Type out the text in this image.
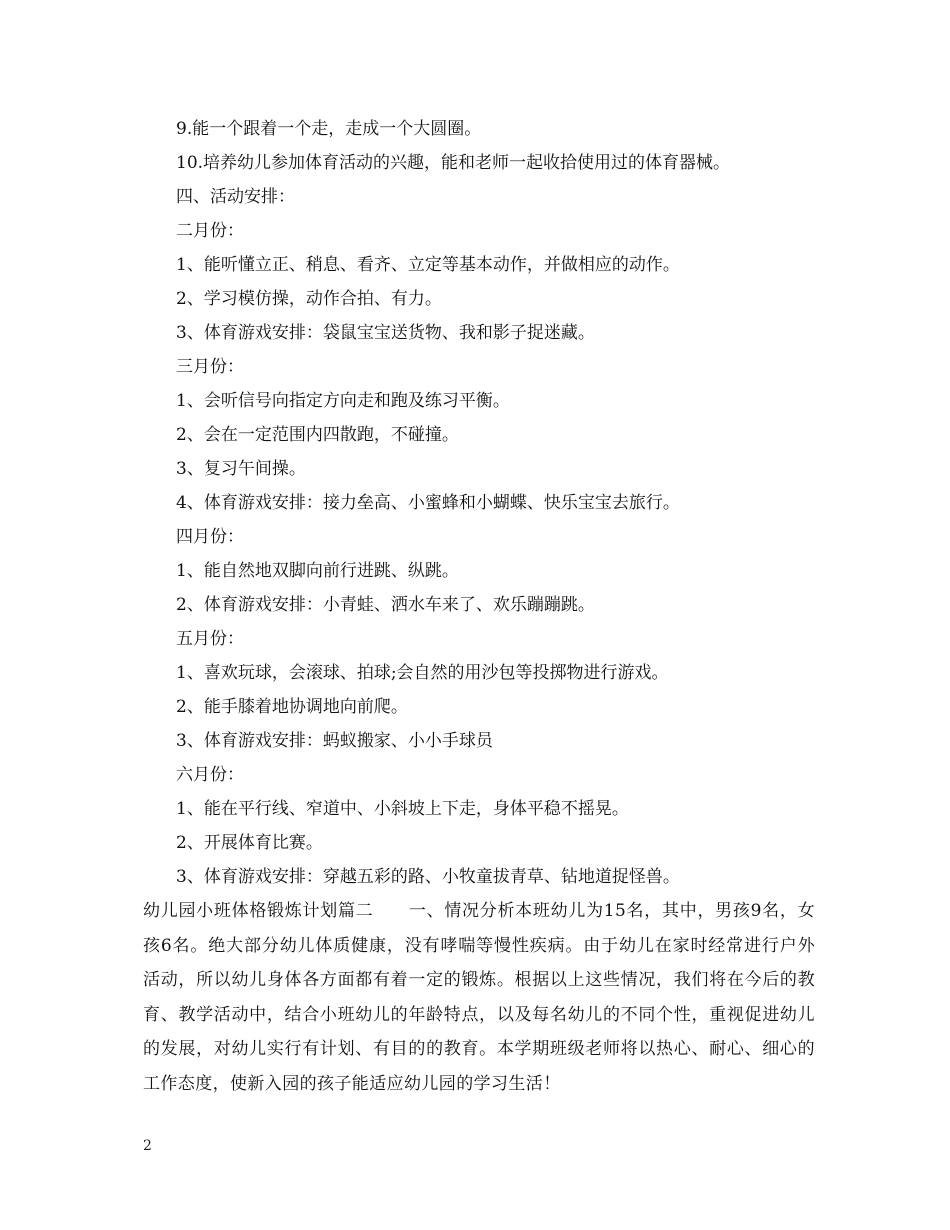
9.能一个跟着一个走，走成一个大圆圈。
10.培养幼儿参加体育活动的兴趣，能和老师一起收拾使用过的体育器械。
四、活动安排：
二月份：
1、能听懂立正、稍息、看齐、立定等基本动作，并做相应的动作。
2、学习模仿操，动作合拍、有力。
3、体育游戏安排：袋鼠宝宝送货物、我和影子捉迷藏。
三月份：
1、会听信号向指定方向走和跑及练习平衡。
2、会在一定范围内四散跑，不碰撞。
3、复习午间操。
4、体育游戏安排：接力垒高、小蜜蜂和小蝴蝶、快乐宝宝去旅行。
四月份：
1、能自然地双脚向前行进跳、纵跳。
2、体育游戏安排：小青蛙、洒水车来了、欢乐蹦蹦跳。
五月份：
1、喜欢玩球，会滚球、拍球;会自然的用沙包等投掷物进行游戏。
2、能手膝着地协调地向前爬。
3、体育游戏安排：蚂蚁搬家、小小手球员
六月份：
1、能在平行线、窄道中、小斜坡上下走，身体平稳不摇晃。
2、开展体育比赛。
3、体育游戏安排：穿越五彩的路、小牧童拔青草、钻地道捉怪兽。
幼儿园小班体格锻炼计划篇二　　一、情况分析本班幼儿为15名，其中，男孩9名，女孩6名。绝大部分幼儿体质健康，没有哮喘等慢性疾病。由于幼儿在家时经常进行户外活动，所以幼儿身体各方面都有着一定的锻炼。根据以上这些情况，我们将在今后的教育、教学活动中，结合小班幼儿的年龄特点，以及每名幼儿的不同个性，重视促进幼儿的发展，对幼儿实行有计划、有目的的教育。本学期班级老师将以热心、耐心、细心的工作态度，使新入园的孩子能适应幼儿园的学习生活！
2
